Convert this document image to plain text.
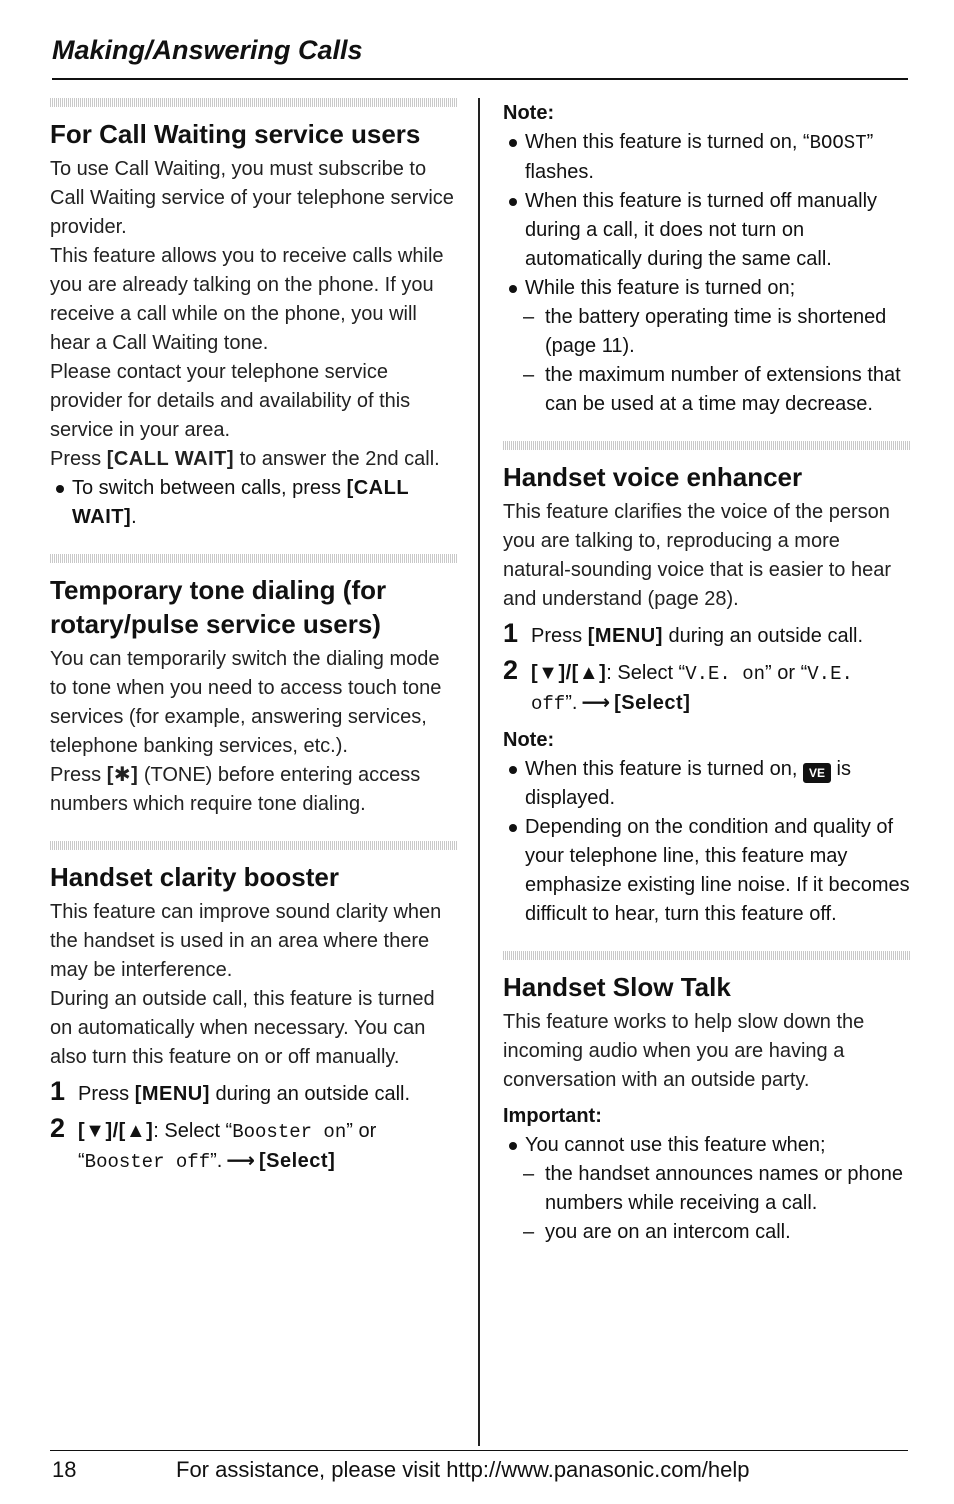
Making/Answering Calls
For Call Waiting service users

To use Call Waiting, you must subscribe to Call Waiting service of your telephone service provider.

This feature allows you to receive calls while you are already talking on the phone. If you receive a call while on the phone, you will hear a Call Waiting tone.

Please contact your telephone service provider for details and availability of this service in your area.

Press [CALL WAIT] to answer the 2nd call.

To switch between calls, press [CALL WAIT].
Temporary tone dialing (for rotary/pulse service users)

You can temporarily switch the dialing mode to tone when you need to access touch tone services (for example, answering services, telephone banking services, etc.).

Press [✱] (TONE) before entering access numbers which require tone dialing.

Handset clarity booster

This feature can improve sound clarity when the handset is used in an area where there may be interference.

During an outside call, this feature is turned on automatically when necessary. You can also turn this feature on or off manually.

1 Press [MENU] during an outside call.
2 [▼]/[▲]: Select “Booster on” or “Booster off”. ⟶ [Select]
Note:
When this feature is turned on, “BOOST” flashes.
When this feature is turned off manually during a call, it does not turn on automatically during the same call.
While this feature is turned on;
– the battery operating time is shortened (page 11).
– the maximum number of extensions that can be used at a time may decrease.
Handset voice enhancer

This feature clarifies the voice of the person you are talking to, reproducing a more natural-sounding voice that is easier to hear and understand (page 28).

1 Press [MENU] during an outside call.
2 [▼]/[▲]: Select “V.E. on” or “V.E. off”. ⟶ [Select]
Note:
When this feature is turned on, VE is displayed.
Depending on the condition and quality of your telephone line, this feature may emphasize existing line noise. If it becomes difficult to hear, turn this feature off.
Handset Slow Talk

This feature works to help slow down the incoming audio when you are having a conversation with an outside party.

Important:
You cannot use this feature when;
– the handset announces names or phone numbers while receiving a call.
– you are on an intercom call.
18	For assistance, please visit http://www.panasonic.com/help
